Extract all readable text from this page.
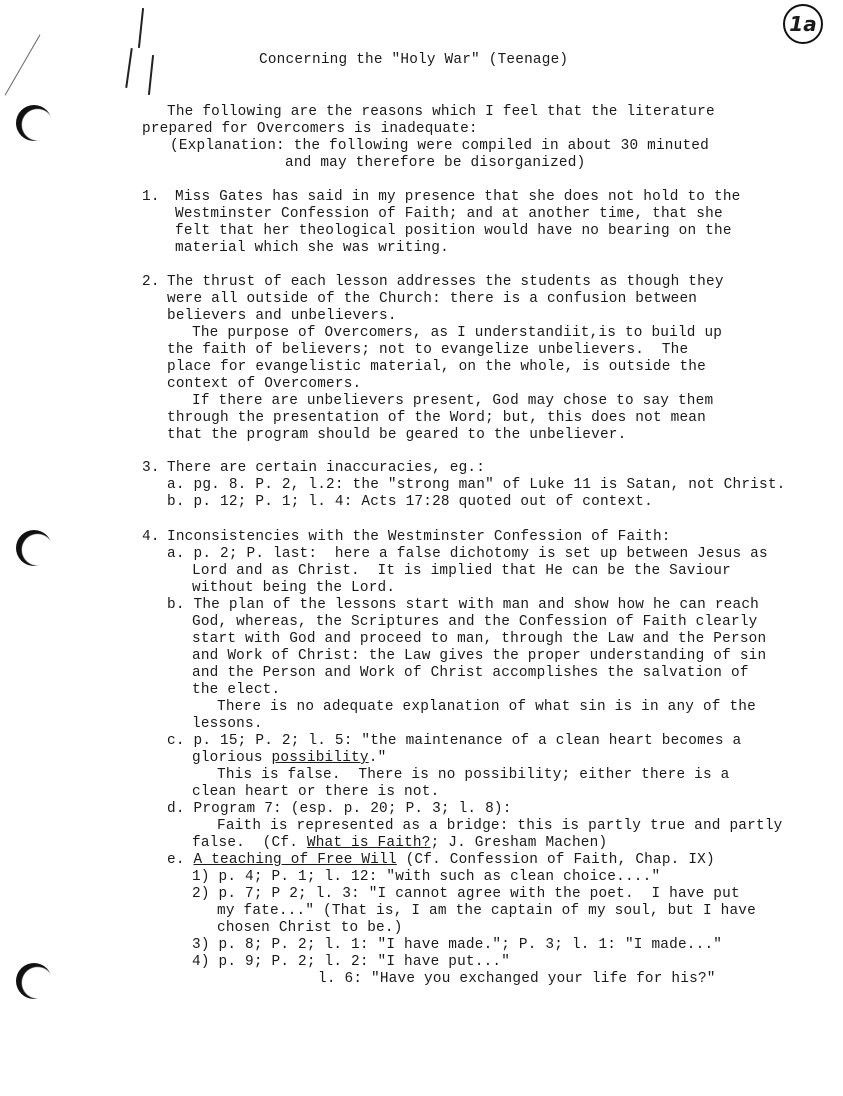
1a
Concerning the "Holy War" (Teenage)
The following are the reasons which I feel that the literature
prepared for Overcomers is inadequate:
(Explanation: the following were compiled in about 30 minuted
and may therefore be disorganized)
1. Miss Gates has said in my presence that she does not hold to the
Westminster Confession of Faith; and at another time, that she
felt that her theological position would have no bearing on the
material which she was writing.
2. The thrust of each lesson addresses the students as though they
were all outside of the Church: there is a confusion between
believers and unbelievers.
The purpose of Overcomers, as I understandiit,is to build up
the faith of believers; not to evangelize unbelievers.  The
place for evangelistic material, on the whole, is outside the
context of Overcomers.
If there are unbelievers present, God may chose to say them
through the presentation of the Word; but, this does not mean
that the program should be geared to the unbeliever.
3. There are certain inaccuracies, eg.:
a. pg. 8. P. 2, l.2: the "strong man" of Luke 11 is Satan, not Christ.
b. p. 12; P. 1; l. 4: Acts 17:28 quoted out of context.
4. Inconsistencies with the Westminster Confession of Faith:
a. p. 2; P. last:  here a false dichotomy is set up between Jesus as
Lord and as Christ.  It is implied that He can be the Saviour
without being the Lord.
b. The plan of the lessons start with man and show how he can reach
God, whereas, the Scriptures and the Confession of Faith clearly
start with God and proceed to man, through the Law and the Person
and Work of Christ: the Law gives the proper understanding of sin
and the Person and Work of Christ accomplishes the salvation of
the elect.
There is no adequate explanation of what sin is in any of the
lessons.
c. p. 15; P. 2; l. 5: "the maintenance of a clean heart becomes a
glorious possibility."
This is false.  There is no possibility; either there is a
clean heart or there is not.
d. Program 7: (esp. p. 20; P. 3; l. 8):
Faith is represented as a bridge: this is partly true and partly
false.  (Cf. What is Faith?; J. Gresham Machen)
e. A teaching of Free Will (Cf. Confession of Faith, Chap. IX)
1) p. 4; P. 1; l. 12: "with such as clean choice...."
2) p. 7; P 2; l. 3: "I cannot agree with the poet.  I have put
my fate..." (That is, I am the captain of my soul, but I have
chosen Christ to be.)
3) p. 8; P. 2; l. 1: "I have made."; P. 3; l. 1: "I made..."
4) p. 9; P. 2; l. 2: "I have put..."
l. 6: "Have you exchanged your life for his?"
